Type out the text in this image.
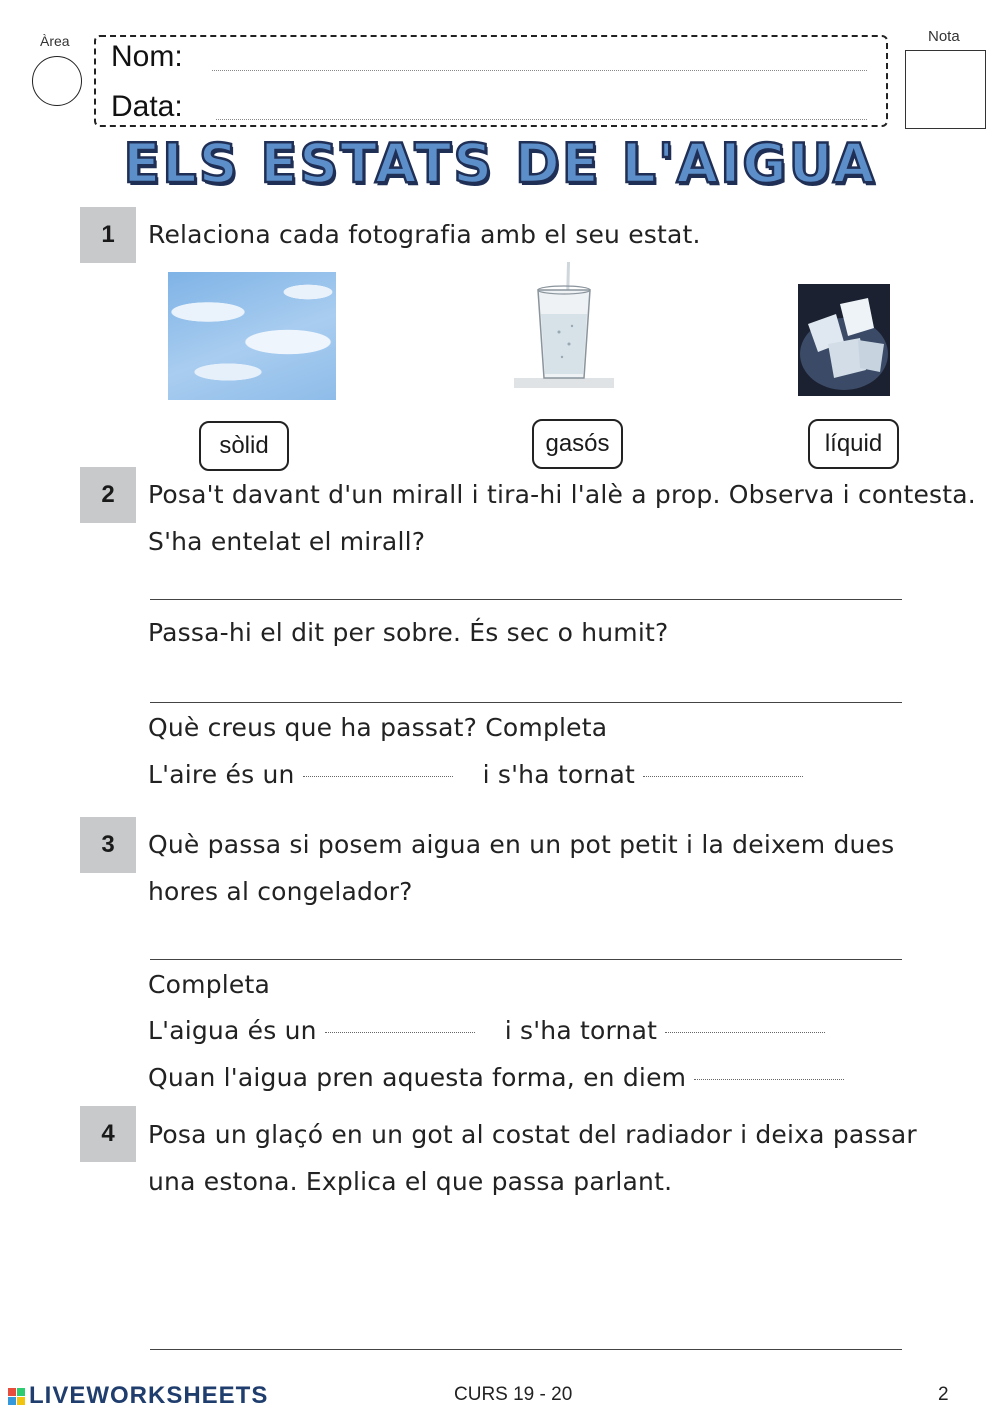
Àrea Nom:
Data:
Nota
ELS ESTATS DE L'AIGUA
1	Relaciona cada fotografia amb el seu estat.
sòlid	gasós	líquid
2	Posa't davant d'un mirall i tira-hi l'alè a prop. Observa i contesta.
S'ha entelat el mirall?
Passa-hi el dit per sobre. És sec o humit?
Què creus que ha passat? Completa
L'aire és un	i s'ha tornat
3	Què passa si posem aigua en un pot petit i la deixem dues
hores al congelador?
Completa
L'aigua és un	i s'ha tornat
Quan l'aigua pren aquesta forma, en diem
4	Posa un glaçó en un got al costat del radiador i deixa passar
una estona. Explica el que passa parlant.
LIVEWORKSHEETS	CURS 19 - 20	2
